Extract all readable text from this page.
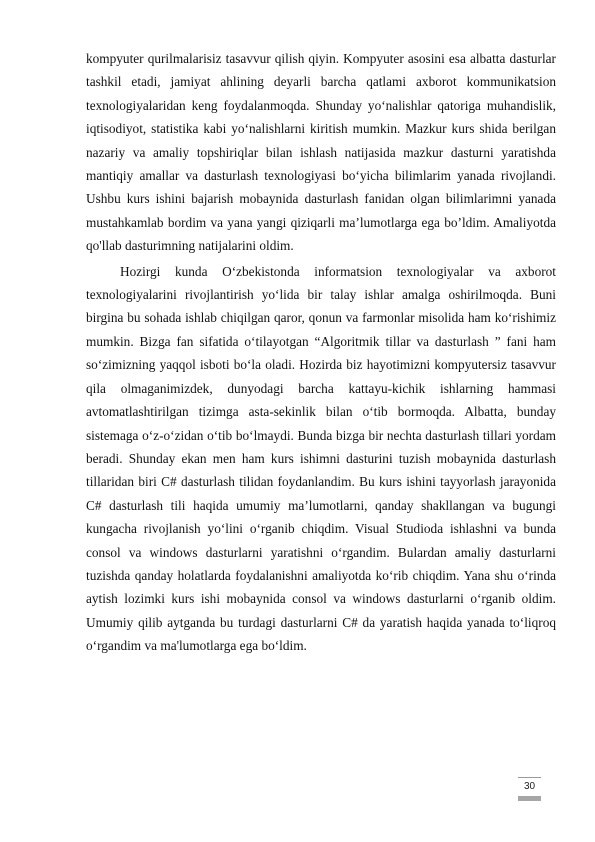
kompyuter qurilmalarisiz tasavvur qilish qiyin. Kompyuter asosini esa albatta dasturlar tashkil etadi, jamiyat ahlining deyarli barcha qatlami axborot kommunikatsion texnologiyalaridan keng foydalanmoqda. Shunday yo‘nalishlar qatoriga muhandislik, iqtisodiyot, statistika kabi yo‘nalishlarni kiritish mumkin. Mazkur kurs shida berilgan nazariy va amaliy topshiriqlar bilan ishlash natijasida mazkur dasturni yaratishda mantiqiy amallar va dasturlash texnologiyasi bo‘yicha bilimlarim yanada rivojlandi. Ushbu kurs ishini bajarish mobaynida dasturlash fanidan olgan bilimlarimni yanada mustahkamlab bordim va yana yangi qiziqarli ma’lumotlarga ega bo’ldim. Amaliyotda qo'llab dasturimning natijalarini oldim.

Hozirgi kunda O‘zbekistonda informatsion texnologiyalar va axborot texnologiyalarini rivojlantirish yo‘lida bir talay ishlar amalga oshirilmoqda. Buni birgina bu sohada ishlab chiqilgan qaror, qonun va farmonlar misolida ham ko‘rishimiz mumkin. Bizga fan sifatida o‘tilayotgan “Algoritmik tillar va dasturlash ” fani ham so‘zimizning yaqqol isboti bo‘la oladi. Hozirda biz hayotimizni kompyutersiz tasavvur qila olmaganimizdek, dunyodagi barcha kattayu-kichik ishlarning hammasi avtomatlashtirilgan tizimga asta-sekinlik bilan o‘tib bormoqda. Albatta, bunday sistemaga o‘z-o‘zidan o‘tib bo‘lmaydi. Bunda bizga bir nechta dasturlash tillari yordam beradi. Shunday ekan men ham kurs ishimni dasturini tuzish mobaynida dasturlash tillaridan biri C# dasturlash tilidan foydanlandim. Bu kurs ishini tayyorlash jarayonida C# dasturlash tili haqida umumiy ma’lumotlarni, qanday shakllangan va bugungi kungacha rivojlanish yo‘lini o‘rganib chiqdim. Visual Studioda ishlashni va bunda consol va windows dasturlarni yaratishni o‘rgandim. Bulardan amaliy dasturlarni tuzishda qanday holatlarda foydalanishni amaliyotda ko‘rib chiqdim. Yana shu o‘rinda aytish lozimki kurs ishi mobaynida consol va windows dasturlarni o‘rganib oldim. Umumiy qilib aytganda bu turdagi dasturlarni C# da yaratish haqida yanada to‘liqroq o‘rgandim va ma'lumotlarga ega bo‘ldim.

30
